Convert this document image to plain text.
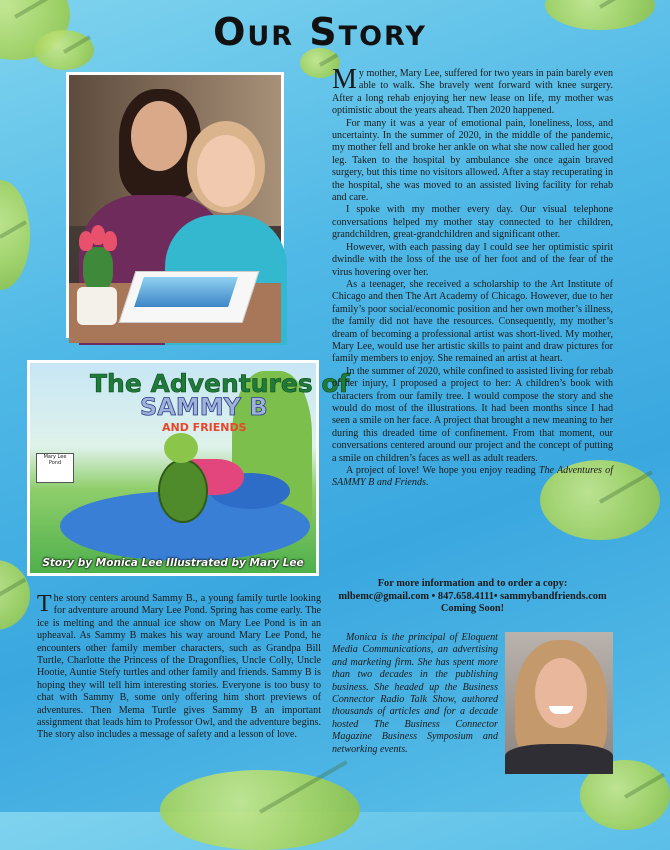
Our Story
Mary Lee Pond
The Adventures of
SAMMY B
AND FRIENDS
Story by Monica Lee Illustrated by Mary Lee

My mother, Mary Lee, suffered for two years in pain barely even able to walk. She bravely went forward with knee surgery. After a long rehab enjoying her new lease on life, my mother was optimistic about the years ahead. Then 2020 happened.

For many it was a year of emotional pain, loneliness, loss, and uncertainty. In the summer of 2020, in the middle of the pandemic, my mother fell and broke her ankle on what she now called her good leg. Taken to the hospital by ambulance she once again braved surgery, but this time no visitors allowed. After a stay recuperating in the hospital, she was moved to an assisted living facility for rehab and care.

I spoke with my mother every day. Our visual telephone conversations helped my mother stay connected to her children, grandchildren, great-grandchildren and significant other.

However, with each passing day I could see her optimistic spirit dwindle with the loss of the use of her foot and of the fear of the virus hovering over her.

As a teenager, she received a scholarship to the Art Institute of Chicago and then The Art Academy of Chicago. However, due to her family’s poor social/economic position and her own mother’s illness, the family did not have the resources. Consequently, my mother’s dream of becoming a professional artist was short-lived. My mother, Mary Lee, would use her artistic skills to paint and draw pictures for family members to enjoy. She remained an artist at heart.

In the summer of 2020, while confined to assisted living for rebab of her injury, I proposed a project to her: A children’s book with characters from our family tree. I would compose the story and she would do most of the illustrations. It had been months since I had seen a smile on her face. A project that brought a new meaning to her during this dreaded time of confinement. From that moment, our conversations centered around our project and the concept of putting a smile on children’s faces as well as adult readers.

A project of love! We hope you enjoy reading The Adventures of SAMMY B and Friends.

The story centers around Sammy B., a young family turtle looking for adventure around Mary Lee Pond. Spring has come early. The ice is melting and the annual ice show on Mary Lee Pond is in an upheaval. As Sammy B makes his way around Mary Lee Pond, he encounters other family member characters, such as Grandpa Bill Turtle, Charlotte the Princess of the Dragonflies, Uncle Colly, Uncle Hootie, Auntie Stefy turtles and other family and friends. Sammy B is hoping they will tell him interesting stories. Everyone is too busy to chat with Sammy B, some only offering him short previews of adventures. Then Mema Turtle gives Sammy B an important assignment that leads him to Professor Owl, and the adventure begins. The story also includes a message of safety and a lesson of love.

For more information and to order a copy:
mlbemc@gmail.com • 847.658.4111• sammybandfriends.com
Coming Soon!

Monica is the principal of Eloquent Media Communications, an advertising and marketing firm. She has spent more than two decades in the publishing business. She headed up the Business Connector Radio Talk Show, authored thousands of articles and for a decade hosted The Business Connector Magazine Business Symposium and networking events.
